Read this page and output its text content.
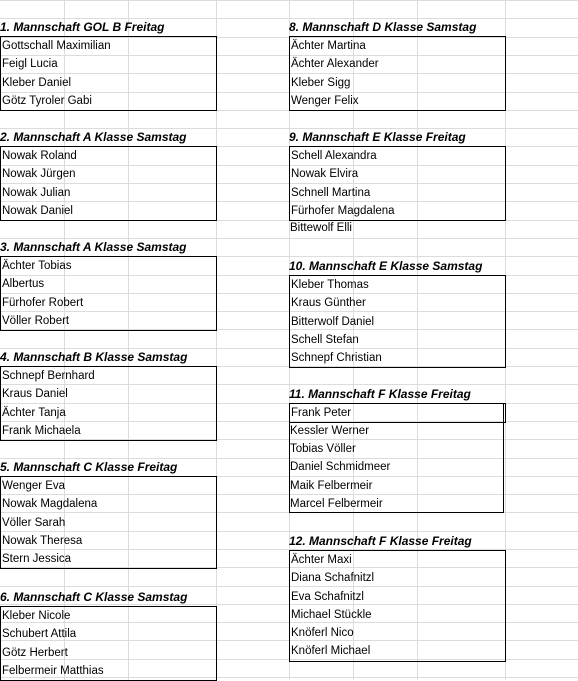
1. Mannschaft GOL B Freitag
Gottschall Maximilian
Feigl Lucia
Kleber Daniel
Götz Tyroler Gabi
2. Mannschaft A Klasse Samstag
Nowak Roland
Nowak Jürgen
Nowak Julian
Nowak Daniel
3. Mannschaft A Klasse Samstag
Ächter Tobias
Albertus
Fürhofer Robert
Völler Robert
4. Mannschaft B Klasse Samstag
Schnepf Bernhard
Kraus Daniel
Ächter Tanja
Frank Michaela
5. Mannschaft C Klasse Freitag
Wenger Eva
Nowak Magdalena
Völler Sarah
Nowak Theresa
Stern Jessica
6. Mannschaft C Klasse Samstag
Kleber Nicole
Schubert Attila
Götz Herbert
Felbermeir Matthias
8. Mannschaft D Klasse Samstag
Ächter Martina
Ächter Alexander
Kleber Sigg
Wenger Felix
9. Mannschaft E Klasse Freitag
Schell Alexandra
Nowak Elvira
Schnell Martina
Fürhofer Magdalena
Bittewolf Elli
10. Mannschaft E Klasse Samstag
Kleber Thomas
Kraus Günther
Bitterwolf Daniel
Schell Stefan
Schnepf Christian
11. Mannschaft F Klasse Freitag
Frank Peter
Kessler Werner
Tobias Völler
Daniel Schmidmeer
Maik Felbermeir
Marcel Felbermeir
12. Mannschaft F Klasse Freitag
Ächter Maxi
Diana Schafnitzl
Eva Schafnitzl
Michael Stückle
Knöferl Nico
Knöferl Michael
